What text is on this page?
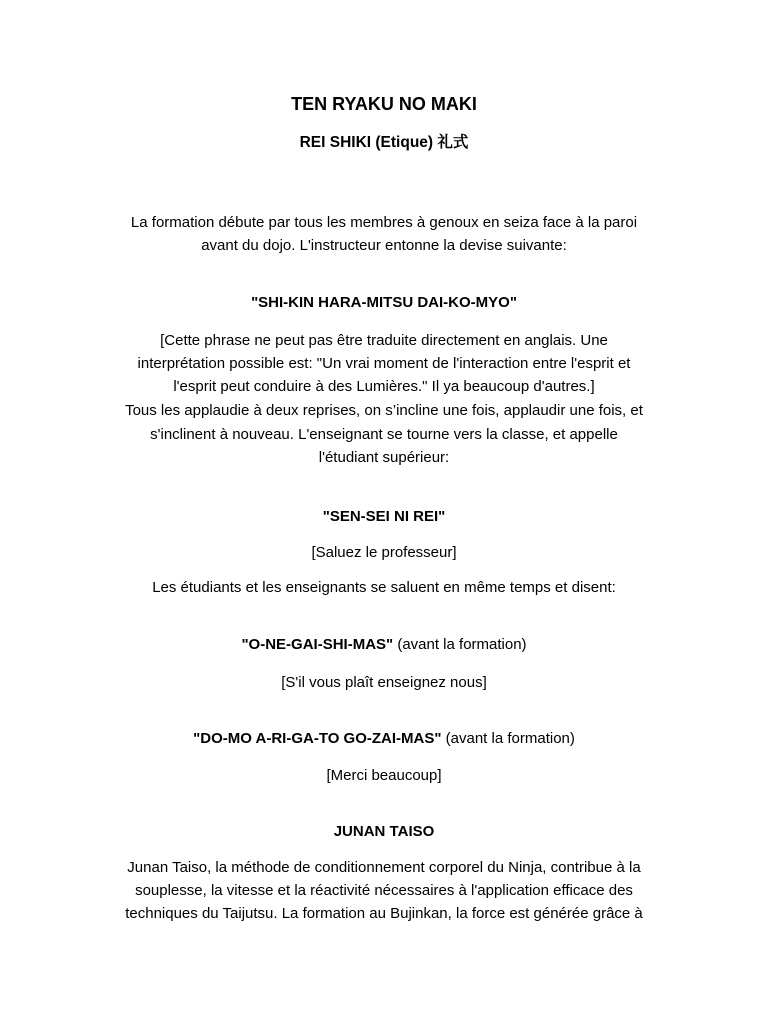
TEN RYAKU NO MAKI
REI SHIKI (Etique) 礼式
La formation débute par tous les membres à genoux en seiza face à la paroi
avant du dojo. L'instructeur entonne la devise suivante:
"SHI-KIN HARA-MITSU DAI-KO-MYO"
[Cette phrase ne peut pas être traduite directement en anglais. Une
interprétation possible est: "Un vrai moment de l'interaction entre l'esprit et
l'esprit peut conduire à des Lumières." Il ya beaucoup d'autres.]
Tous les applaudie à deux reprises, on s’incline une fois, applaudir une fois, et
s'inclinent à nouveau. L'enseignant se tourne vers la classe, et appelle
l'étudiant supérieur:
"SEN-SEI NI REI"
[Saluez le professeur]
Les étudiants et les enseignants se saluent en même temps et disent:
"O-NE-GAI-SHI-MAS" (avant la formation)
[S'il vous plaît enseignez nous]
"DO-MO A-RI-GA-TO GO-ZAI-MAS" (avant la formation)
[Merci beaucoup]
JUNAN TAISO
Junan Taiso, la méthode de conditionnement corporel du Ninja, contribue à la
souplesse, la vitesse et la réactivité nécessaires à l'application efficace des
techniques du Taijutsu. La formation au Bujinkan, la force est générée grâce à
